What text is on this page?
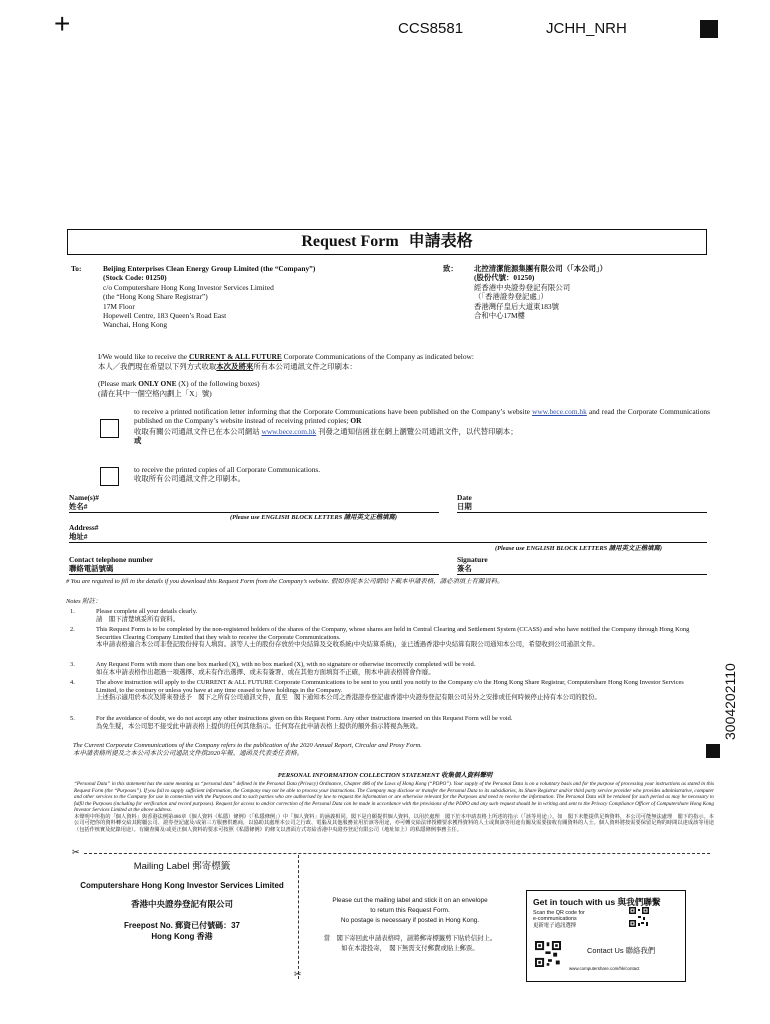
+	CCS8581	JCHH_NRH
Request Form 申請表格
To:	Beijing Enterprises Clean Energy Group Limited (the “Company”)
(Stock Code: 01250)
c/o Computershare Hong Kong Investor Services Limited
(the “Hong Kong Share Registrar”)
17M Floor
Hopewell Centre, 183 Queen’s Road East
Wanchai, Hong Kong
致： 北控清潔能源集團有限公司（「本公司」）
(股份代號：01250)
經香港中央證券登記有限公司
（「香港證券登記處」）
香港灣仔皇后大道東183號
合和中心17M樓
I/We would like to receive the CURRENT & ALL FUTURE Corporate Communications of the Company as indicated below:
本人／我們現在希望以下列方式收取本次及將來所有本公司通訊文件之印刷本：
(Please mark ONLY ONE (X) of the following boxes)
(請在其中一個空格內劃上「X」號)
to receive a printed notification letter informing that the Corporate Communications have been published on the Company’s website www.bece.com.hk and read the Corporate Communications published on the Company’s website instead of receiving printed copies; OR
收取有關公司通訊文件已在本公司網站 www.bece.com.hk 刊發之通知信函並在網上瀏覽公司通訊文件，以代替印刷本；
或
to receive the printed copies of all Corporate Communications.
收取所有公司通訊文件之印刷本。
Name(s)#
姓名#
(Please use ENGLISH BLOCK LETTERS 請用英文正楷填寫)
Date
日期
Address#
地址#
(Please use ENGLISH BLOCK LETTERS 請用英文正楷填寫)
Contact telephone number
聯絡電話號碼
Signature
簽名
# You are required to fill in the details if you download this Request Form from the Company’s website. 假如你從本公司網站下載本申請表格，請必須填上有關資料。
Notes 附註：
1.	Please complete all your details clearly.
請　閣下清楚填妥所有資料。
2.	This Request Form is to be completed by the non-registered holders of the shares of the Company, whose shares are held in Central Clearing and Settlement System (CCASS) and who have notified the Company through Hong Kong Securities Clearing Company Limited that they wish to receive the Corporate Communications.
本申請表格適合本公司非登記股份持有人填寫。該等人士的股份存放於中央結算及交收系統(中央結算系統)，並已透過香港中央結算有限公司通知本公司，希望收到公司通訊文件。
3.	Any Request Form with more than one box marked (X), with no box marked (X), with no signature or otherwise incorrectly completed will be void.
如在本申請表格作出超過一項選擇、或未有作出選擇、或未有簽署、或在其他方面填寫不正確，則本申請表格將會作廢。
4.	The above instruction will apply to the CURRENT & ALL FUTURE Corporate Communications to be sent to you until you notify to the Company c/o the Hong Kong Share Registrar, Computershare Hong Kong Investor Services Limited, to the contrary or unless you have at any time ceased to have holdings in the Company.
上述指示適用於本次及將來發送予　閣下之所有公司通訊文件，直至　閣下通知本公司之香港證券登記處香港中央證券登記有限公司另外之安排或任何時候停止持有本公司的股份。
5.	For the avoidance of doubt, we do not accept any other instructions given on this Request Form. Any other instructions inserted on this Request Form will be void.
為免生疑，本公司恕不接受此申請表格上提供的任何其他指示。任何寫在此申請表格上提供的額外指示將視為無效。
The Current Corporate Communications of the Company refers to the publication of the 2020 Annual Report, Circular and Proxy Form.
本申請表格所提及之本公司本次公司通訊文件指2020年報、通函及代表委任表格。
PERSONAL INFORMATION COLLECTION STATEMENT 收集個人資料聲明
“Personal Data” in this statement has the same meaning as “personal data” defined in the Personal Data (Privacy) Ordinance, Chapter 486 of the Laws of Hong Kong (“PDPO”). Your supply of the Personal Data is on a voluntary basis and for the purpose of processing your instructions as stated in this Request Form (the “Purposes”). If you fail to supply sufficient information, the Company may not be able to process your instructions. The Company may disclose or transfer the Personal Data to its subsidiaries, its Share Registrar and/or third party service provider who provides administrative, computer and other services to the Company for use in connection with the Purposes and to such parties who are authorised by law to request the information or are otherwise relevant for the Purposes and need to receive the information. The Personal Data will be retained for such period as may be necessary to fulfil the Purposes (including for verification and record purposes). Request for access to and/or correction of the Personal Data can be made in accordance with the provisions of the PDPO and any such request should be in writing and sent to the Privacy Compliance Officer of Computershare Hong Kong Investor Services Limited at the above address.
本聲明中所指的「個人資料」與香港法例第486章《個人資料（私隱）條例》（「私隱條例」）中「個人資料」的涵義相同。閣下是自願提供個人資料，以用於處理　閣下於本申請表格上所述的指示（「該等用途」）。如　閣下未能提供足夠資料，本公司可能無法處理　閣下的指示。本公司可把你的資料轉交給其附屬公司、證券登記處及/或第三方服務供應商，以協助其處理本公司之行政、電腦及其他服務並用於該等用途，亦可轉交給法律授權要求獲得資料的人士或與該等用途有關及需要接收有關資料的人士。個人資料將按需要保留足夠的時間以達成該等用途（包括作核實及紀錄用途）。有關查閱及/或更正個人資料的要求可按照《私隱條例》的條文以書面方式寄給香港中央證券登記有限公司（地址如上）的私隱條例事務主任。
✂
✂
Mailing Label 郵寄標籤
Computershare Hong Kong Investor Services Limited
香港中央證券登記有限公司
Freepost No. 郵資已付號碼：37
Hong Kong 香港
Please cut the mailing label and stick it on an envelope
to return this Request Form.
No postage is necessary if posted in Hong Kong.
當　閣下寄回此申請表格時，請將郵寄標籤剪下貼於信封上。
如在本港投寄，　閣下無需支付郵費或貼上郵票。
Get in touch with us 與我們聯繫
Scan the QR code for
e-communications
更新電子通訊選擇
Contact Us 聯絡我們
www.computershare.com/hk/contact
3004202110
